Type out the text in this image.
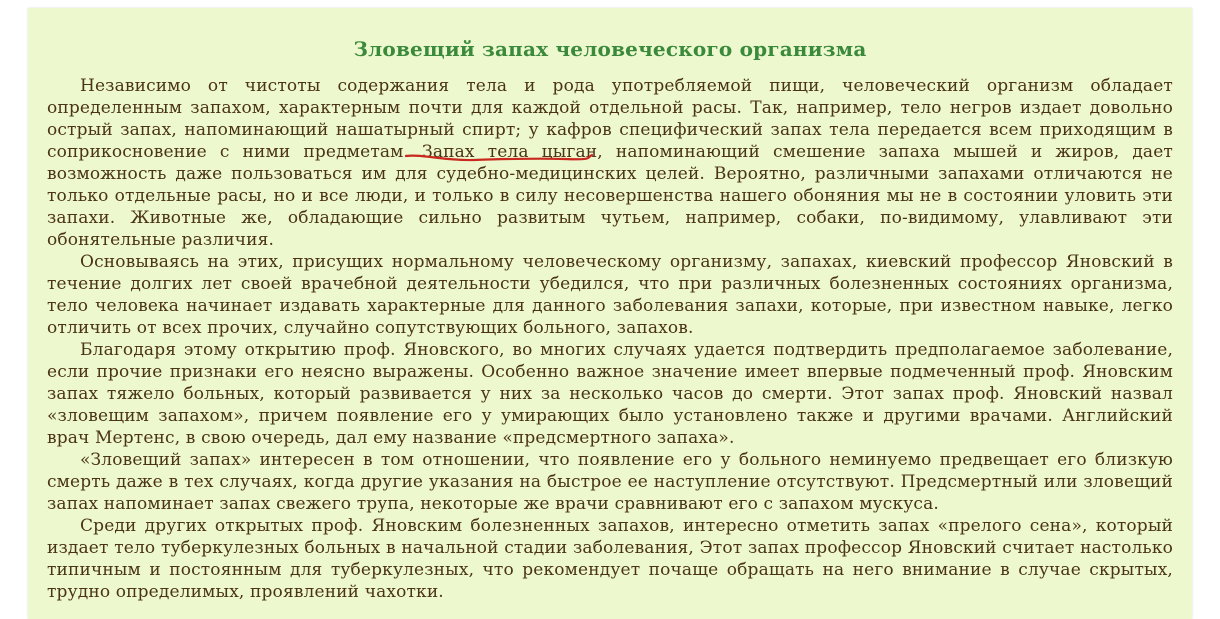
Зловещий запах человеческого организма

Независимо от чистоты содержания тела и рода употребляемой пищи, человеческий организм обладает определенным запахом, характерным почти для каждой отдельной расы. Так, например, тело негров издает довольно острый запах, напоминающий нашатырный спирт; у кафров специфический запах тела передается всем приходящим в соприкосновение с ними предметам. Запах тела цыган, напоминающий смешение запаха мышей и жиров, дает возможность даже пользоваться им для судебно-медицинских целей. Вероятно, различными запахами отличаются не только отдельные расы, но и все люди, и только в силу несовершенства нашего обоняния мы не в состоянии уловить эти запахи. Животные же, обладающие сильно развитым чутьем, например, собаки, по-видимому, улавливают эти обонятельные различия.

Основываясь на этих, присущих нормальному человеческому организму, запахах, киевский профессор Яновский в течение долгих лет своей врачебной деятельности убедился, что при различных болезненных состояниях организма, тело человека начинает издавать характерные для данного заболевания запахи, которые, при известном навыке, легко отличить от всех прочих, случайно сопутствующих больного, запахов.

Благодаря этому открытию проф. Яновского, во многих случаях удается подтвердить предполагаемое заболевание, если прочие признаки его неясно выражены. Особенно важное значение имеет впервые подмеченный проф. Яновским запах тяжело больных, который развивается у них за несколько часов до смерти. Этот запах проф. Яновский назвал «зловещим запахом», причем появление его у умирающих было установлено также и другими врачами. Английский врач Мертенс, в свою очередь, дал ему название «предсмертного запаха».

«Зловещий запах» интересен в том отношении, что появление его у больного неминуемо предвещает его близкую смерть даже в тех случаях, когда другие указания на быстрое ее наступление отсутствуют. Предсмертный или зловещий запах напоминает запах свежего трупа, некоторые же врачи сравнивают его с запахом мускуса.

Среди других открытых проф. Яновским болезненных запахов, интересно отметить запах «прелого сена», который издает тело туберкулезных больных в начальной стадии заболевания, Этот запах профессор Яновский считает настолько типичным и постоянным для туберкулезных, что рекомендует почаще обращать на него внимание в случае скрытых, трудно определимых, проявлений чахотки.
